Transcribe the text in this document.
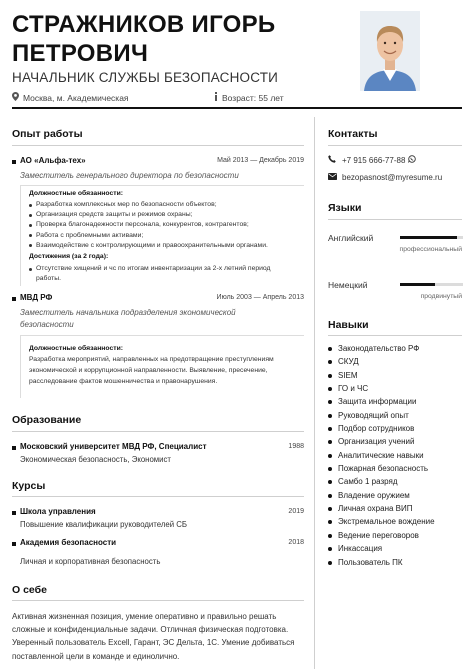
СТРАЖНИКОВ ИГОРЬ ПЕТРОВИЧ
НАЧАЛЬНИК СЛУЖБЫ БЕЗОПАСНОСТИ
Москва, м. Академическая	Возраст: 55 лет
Опыт работы
АО «Альфа-тех»	Май 2013 — Декабрь 2019
Заместитель генерального директора по безопасности
Должностные обязанности:
Разработка комплексных мер по безопасности объектов;
Организация средств защиты и режимов охраны;
Проверка благонадежности персонала, конкурентов, контрагентов;
Работа с проблемными активами;
Взаимодействие с контролирующими и правоохранительными органами.
Достижения (за 2 года):
Отсутствие хищений и чс по итогам инвентаризации за 2-х летний период работы.
МВД РФ	Июль 2003 — Апрель 2013
Заместитель начальника подразделения экономической безопасности
Должностные обязанности:
Разработка мероприятий, направленных на предотвращение преступлениям экономической и коррупционной направленности. Выявление, пресечение, расследование фактов мошенничества и правонарушения.
Образование
Московский университет МВД РФ, Специалист	1988
Экономическая безопасность, Экономист
Курсы
Школа управления	2019
Повышение квалификации руководителей СБ
Академия безопасности	2018
Личная и корпоративная безопасность
О себе
Активная жизненная позиция, умение оперативно и правильно решать сложные и конфиденциальные задачи. Отличная физическая подготовка. Уверенный пользователь Excell, Гарант, ЭС Дельта, 1С. Умение добиваться поставленной цели в команде и единолично.
Контакты
+7 915 666-77-88
bezopasnost@myresume.ru
Языки
Английский
профессиональный
Немецкий
продвинутый
Навыки
Законодательство РФ
СКУД
SIEM
ГО и ЧС
Защита информации
Руководящий опыт
Подбор сотрудников
Организация учений
Аналитические навыки
Пожарная безопасность
Самбо 1 разряд
Владение оружием
Личная охрана ВИП
Экстремальное вождение
Ведение переговоров
Инкассация
Пользователь ПК
